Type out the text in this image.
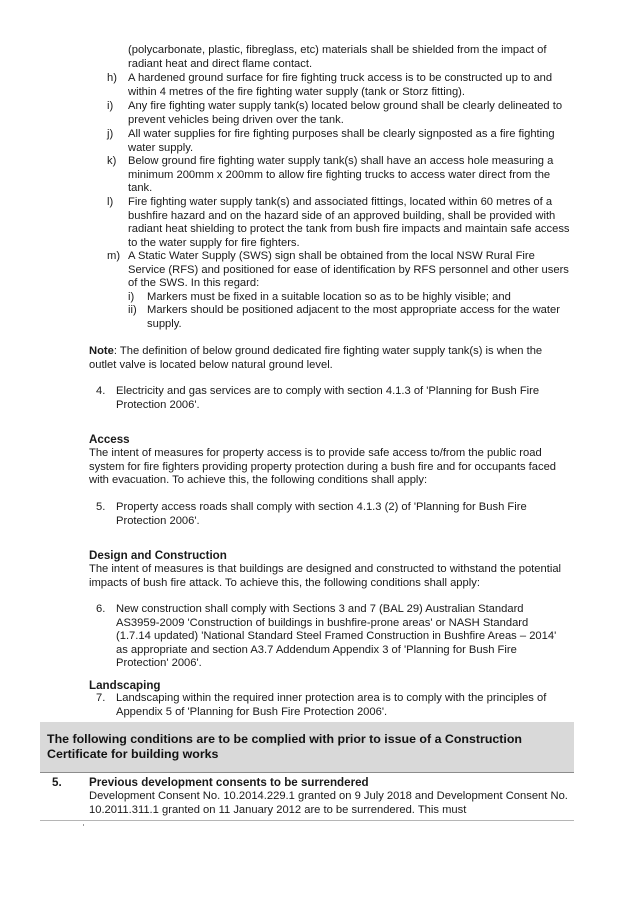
(polycarbonate, plastic, fibreglass, etc) materials shall be shielded from the impact of radiant heat and direct flame contact.
h) A hardened ground surface for fire fighting truck access is to be constructed up to and within 4 metres of the fire fighting water supply (tank or Storz fitting).
i)	Any fire fighting water supply tank(s) located below ground shall be clearly delineated to prevent vehicles being driven over the tank.
j)	All water supplies for fire fighting purposes shall be clearly signposted as a fire fighting water supply.
k)	Below ground fire fighting water supply tank(s) shall have an access hole measuring a minimum 200mm x 200mm to allow fire fighting trucks to access water direct from the tank.
l)	Fire fighting water supply tank(s) and associated fittings, located within 60 metres of a bushfire hazard and on the hazard side of an approved building, shall be provided with radiant heat shielding to protect the tank from bush fire impacts and maintain safe access to the water supply for fire fighters.
m) A Static Water Supply (SWS) sign shall be obtained from the local NSW Rural Fire Service (RFS) and positioned for ease of identification by RFS personnel and other users of the SWS. In this regard:
i)	Markers must be fixed in a suitable location so as to be highly visible; and
ii) Markers should be positioned adjacent to the most appropriate access for the water supply.
Note: The definition of below ground dedicated fire fighting water supply tank(s) is when the outlet valve is located below natural ground level.
4. Electricity and gas services are to comply with section 4.1.3 of 'Planning for Bush Fire Protection 2006'.
Access
The intent of measures for property access is to provide safe access to/from the public road system for fire fighters providing property protection during a bush fire and for occupants faced with evacuation. To achieve this, the following conditions shall apply:
5. Property access roads shall comply with section 4.1.3 (2) of 'Planning for Bush Fire Protection 2006'.
Design and Construction
The intent of measures is that buildings are designed and constructed to withstand the potential impacts of bush fire attack. To achieve this, the following conditions shall apply:
6. New construction shall comply with Sections 3 and 7 (BAL 29) Australian Standard AS3959-2009 'Construction of buildings in bushfire-prone areas' or NASH Standard (1.7.14 updated) 'National Standard Steel Framed Construction in Bushfire Areas – 2014' as appropriate and section A3.7 Addendum Appendix 3 of 'Planning for Bush Fire Protection' 2006'.
Landscaping
7. Landscaping within the required inner protection area is to comply with the principles of Appendix 5 of 'Planning for Bush Fire Protection 2006'.
The following conditions are to be complied with prior to issue of a Construction Certificate for building works
5. Previous development consents to be surrendered
Development Consent No. 10.2014.229.1 granted on 9 July 2018 and Development Consent No. 10.2011.311.1 granted on 11 January 2012 are to be surrendered. This must
